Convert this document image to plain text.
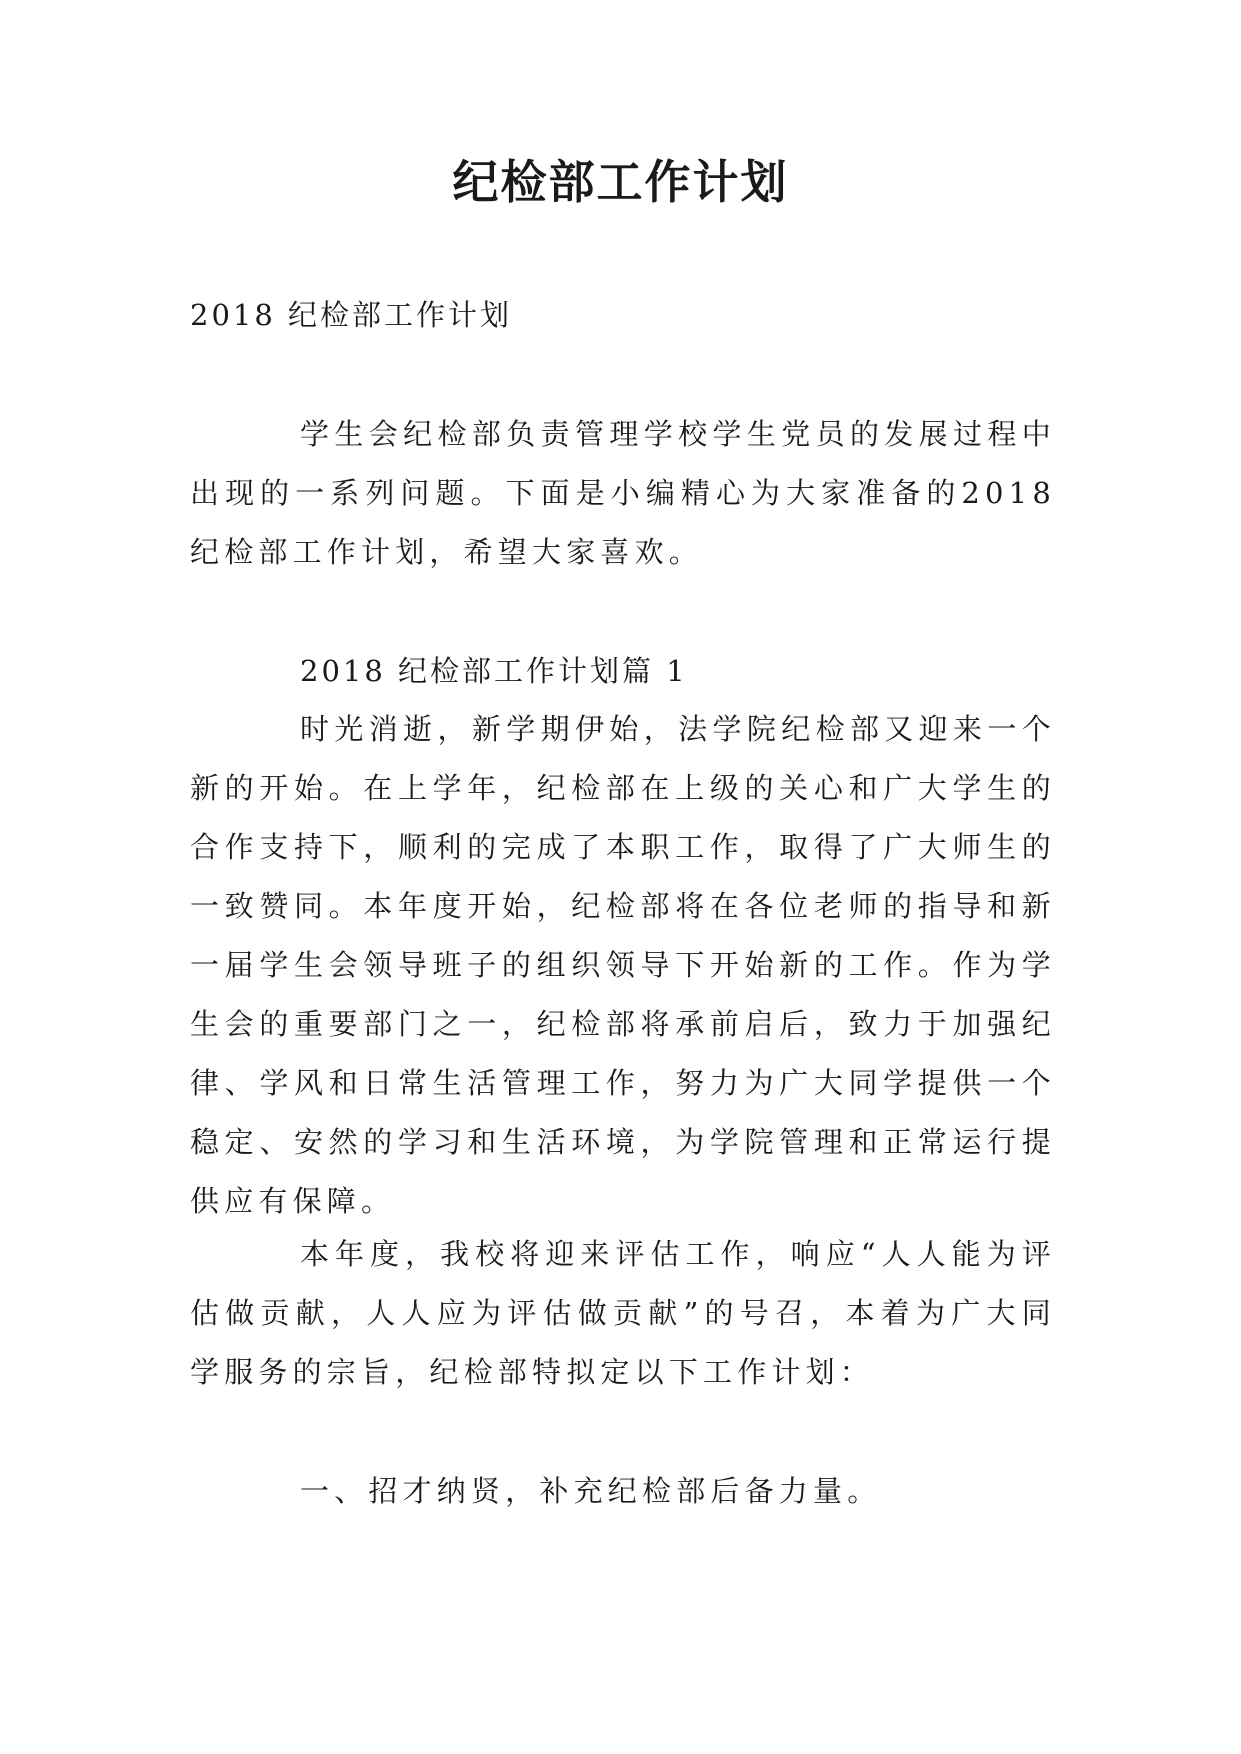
纪检部工作计划

2018 纪检部工作计划

学生会纪检部负责管理学校学生党员的发展过程中出现的一系列问题。下面是小编精心为大家准备的2018纪检部工作计划，希望大家喜欢。

2018 纪检部工作计划篇 1

时光消逝，新学期伊始，法学院纪检部又迎来一个新的开始。在上学年，纪检部在上级的关心和广大学生的合作支持下，顺利的完成了本职工作，取得了广大师生的一致赞同。本年度开始，纪检部将在各位老师的指导和新一届学生会领导班子的组织领导下开始新的工作。作为学生会的重要部门之一，纪检部将承前启后，致力于加强纪律、学风和日常生活管理工作，努力为广大同学提供一个稳定、安然的学习和生活环境，为学院管理和正常运行提供应有保障。

本年度，我校将迎来评估工作，响应“人人能为评估做贡献，人人应为评估做贡献”的号召，本着为广大同学服务的宗旨，纪检部特拟定以下工作计划：

一、招才纳贤，补充纪检部后备力量。
